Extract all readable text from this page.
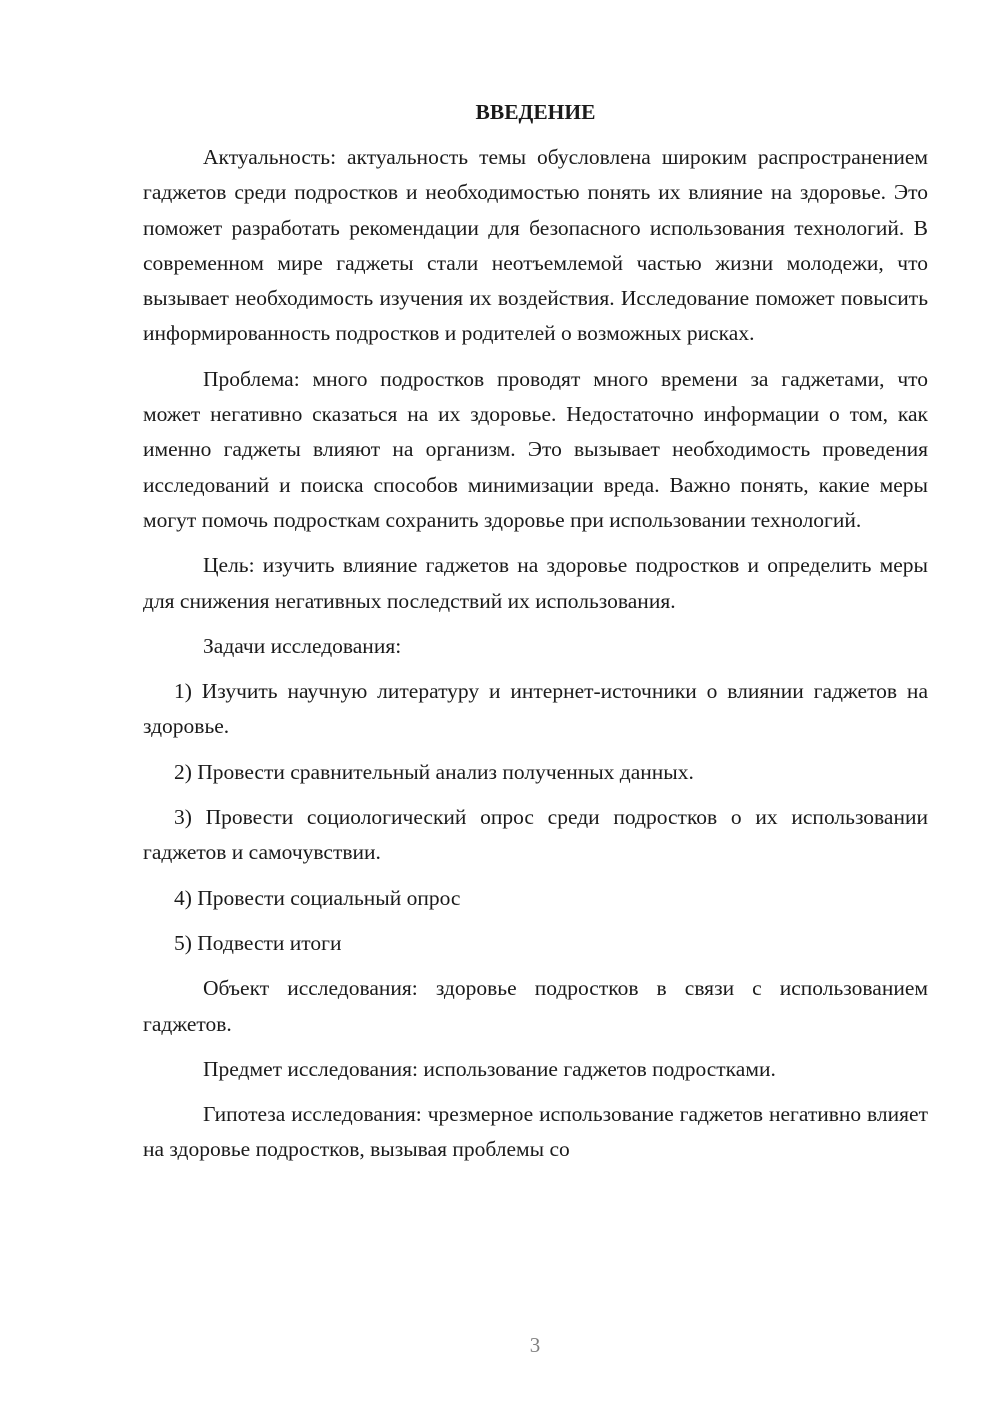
ВВЕДЕНИЕ

Актуальность: актуальность темы обусловлена широким распространением гаджетов среди подростков и необходимостью понять их влияние на здоровье. Это поможет разработать рекомендации для безопасного использования технологий. В современном мире гаджеты стали неотъемлемой частью жизни молодежи, что вызывает необходимость изучения их воздействия. Исследование поможет повысить информированность подростков и родителей о возможных рисках.

Проблема: много подростков проводят много времени за гаджетами, что может негативно сказаться на их здоровье. Недостаточно информации о том, как именно гаджеты влияют на организм. Это вызывает необходимость проведения исследований и поиска способов минимизации вреда. Важно понять, какие меры могут помочь подросткам сохранить здоровье при использовании технологий.

Цель: изучить влияние гаджетов на здоровье подростков и определить меры для снижения негативных последствий их использования.

Задачи исследования:

1) Изучить научную литературу и интернет-источники о влиянии гаджетов на здоровье.

2) Провести сравнительный анализ полученных данных.

3) Провести социологический опрос среди подростков о их использовании гаджетов и самочувствии.

4) Провести социальный опрос

5) Подвести итоги

Объект исследования: здоровье подростков в связи с использованием гаджетов.

Предмет исследования: использование гаджетов подростками.

Гипотеза исследования: чрезмерное использование гаджетов негативно влияет на здоровье подростков, вызывая проблемы со

3
